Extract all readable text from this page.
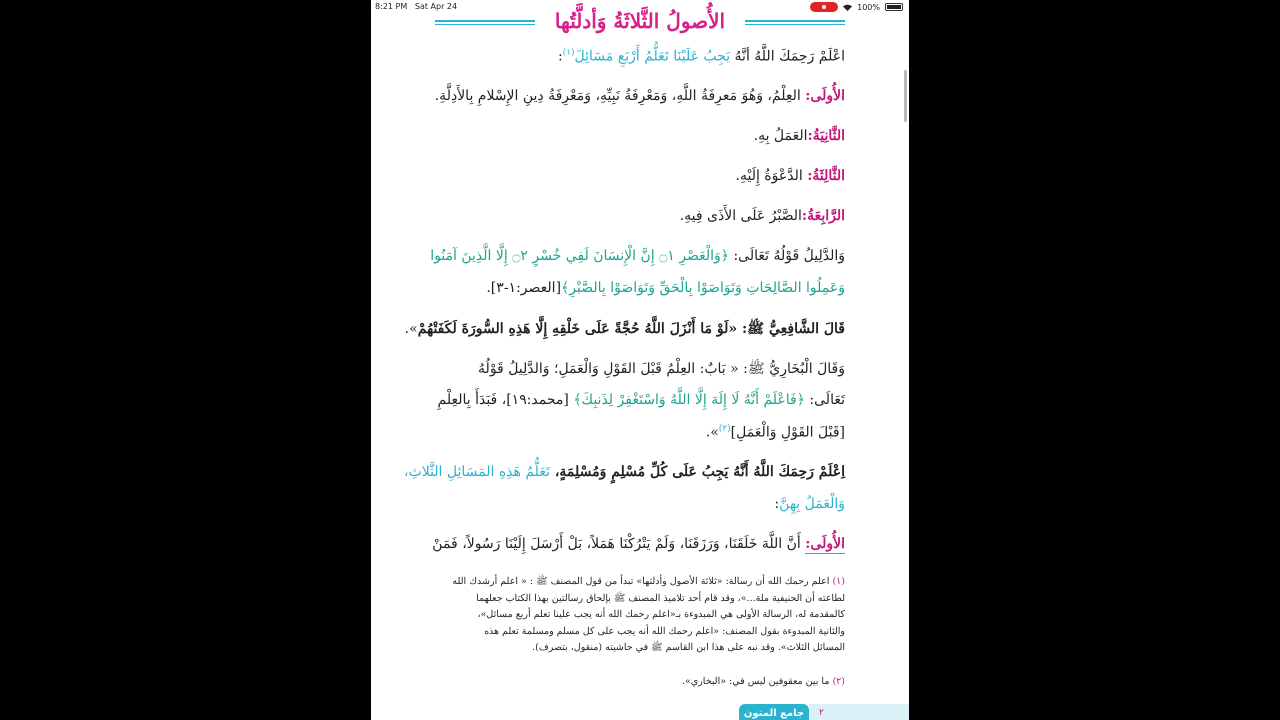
8:21 PM Sat Apr 24	100%
الأُصولُ الثَّلاثَةُ وَأدلَّتُها
اعْلَمْ رَحِمَكَ اللَّهُ أنَّهُ يَجِبُ عَلَيْنَا تَعَلُّمُ أَرْبَعِ مَسَائِلَ$^{(١)}$:
الأُولَى: العِلْمُ، وَهُوَ مَعرِفَةُ اللَّهِ، وَمَعْرِفَةُ نَبِيِّهِ، وَمَعْرِفَةُ دِينِ الإِسْلامِ بِالأَدِلَّةِ.
الثَّانِيَةُ:العَمَلُ بِهِ.
الثَّالِثَةُ: الدَّعْوَةُ إِلَيْهِ.
الرَّابِعَةُ:الصَّبْرُ عَلَى الأَذَى فِيهِ.
وَالدَّلِيلُ قَوْلُهُ تَعَالَى: ﴿وَالْعَصْرِ ۝١ إِنَّ الْإِنسَانَ لَفِي خُسْرٍ ۝٢ إِلَّا الَّذِينَ آمَنُوا
وَعَمِلُوا الصَّالِحَاتِ وَتَوَاصَوْا بِالْحَقِّ وَتَوَاصَوْا بِالصَّبْرِ﴾[العصر:١-٣].
قَالَ الشَّافِعِيُّ ﷺ: «لَوْ مَا أَنْزَلَ اللَّهُ حُجَّةً عَلَى خَلْقِهِ إِلَّا هَذِهِ السُّورَةَ لَكَفَتْهُمْ».
وَقَالَ الْبُخَارِيُّ ﷺ: « بَابٌ: العِلْمُ قَبْلَ القَوْلِ وَالْعَمَلِ؛ وَالدَّلِيلُ قَوْلُهُ
تَعَالَى: ﴿فَاعْلَمْ أَنَّهُ لَا إِلَهَ إِلَّا اللَّهُ وَاسْتَغْفِرْ لِذَنبِكَ﴾ [محمد:١٩]، فَبَدَأَ بِالعِلْمِ
[قَبْلَ القَوْلِ وَالْعَمَلِ]$^{(٢)}$».
اِعْلَمْ رَحِمَكَ اللَّهُ أَنَّهُ يَجِبُ عَلَى كُلِّ مُسْلِمٍ وَمُسْلِمَةٍ، تَعَلُّمُ هَذِهِ المَسَائِلِ الثَّلاثِ،
وَالْعَمَلُ بِهِنَّ:
الأُولَى: أَنَّ اللَّهَ خَلَقَنَا، وَرَزَقَنَا، وَلَمْ يَتْرُكْنَا هَمَلاً، بَلْ أَرْسَلَ إِلَيْنَا رَسُولاً، فَمَنْ
(١) اعلم رحمك الله أن رسالة: «ثلاثة الأصول وأدلتها» تبدأ من قول المصنف ﷺ : « اعلم أرشدك الله
لطاعته أن الحنيفية ملة...»، وقد قام أحد تلاميذ المصنف ﷺ بإلحاق رسالتين بهذا الكتاب جعلهما
كالمقدمة له، الرسالة الأولى هي المبدوءة بـ«اعلم رحمك الله أنه يجب علينا تعلم أربع مسائل»،
والثانية المبدوءة بقول المصنف: «اعلم رحمك الله أنه يجب على كل مسلم ومسلمة تعلم هذه
المسائل الثلاث». وقد نبه على هذا ابن القاسم ﷺ في حاشيته (منقول، بتصرف).
(٢) ما بين معقوفين ليس في: «البخاري».
جامع المتون	٢
